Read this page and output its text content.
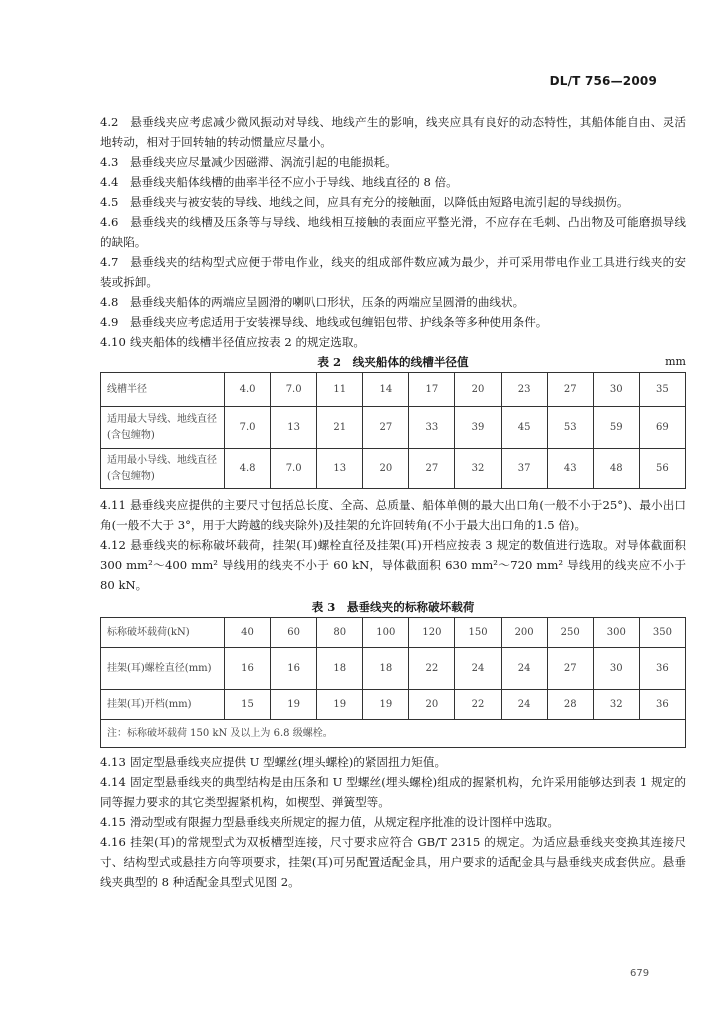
DL/T 756—2009

4.2 悬垂线夹应考虑减少微风振动对导线、地线产生的影响，线夹应具有良好的动态特性，其船体能自由、灵活地转动，相对于回转轴的转动惯量应尽量小。

4.3 悬垂线夹应尽量减少因磁滞、涡流引起的电能损耗。

4.4 悬垂线夹船体线槽的曲率半径不应小于导线、地线直径的 8 倍。

4.5 悬垂线夹与被安装的导线、地线之间，应具有充分的接触面，以降低由短路电流引起的导线损伤。

4.6 悬垂线夹的线槽及压条等与导线、地线相互接触的表面应平整光滑，不应存在毛刺、凸出物及可能磨损导线的缺陷。

4.7 悬垂线夹的结构型式应便于带电作业，线夹的组成部件数应减为最少，并可采用带电作业工具进行线夹的安装或拆卸。

4.8 悬垂线夹船体的两端应呈圆滑的喇叭口形状，压条的两端应呈圆滑的曲线状。

4.9 悬垂线夹应考虑适用于安装裸导线、地线或包缠铝包带、护线条等多种使用条件。

4.10 线夹船体的线槽半径值应按表 2 的规定选取。

表 2　线夹船体的线槽半径值	mm
线槽半径	4.0	7.0	11	14	17	20	23	27	30	35
适用最大导线、地线直径(含包缠物)	7.0	13	21	27	33	39	45	53	59	69
适用最小导线、地线直径(含包缠物)	4.8	7.0	13	20	27	32	37	43	48	56

4.11 悬垂线夹应提供的主要尺寸包括总长度、全高、总质量、船体单侧的最大出口角(一般不小于25°)、最小出口角(一般不大于 3°，用于大跨越的线夹除外)及挂架的允许回转角(不小于最大出口角的1.5 倍)。

4.12 悬垂线夹的标称破坏载荷，挂架(耳)螺栓直径及挂架(耳)开档应按表 3 规定的数值进行选取。对导体截面积 300 mm²～400 mm² 导线用的线夹不小于 60 kN，导体截面积 630 mm²～720 mm² 导线用的线夹应不小于 80 kN。

表 3　悬垂线夹的标称破坏载荷
标称破坏载荷(kN)	40	60	80	100	120	150	200	250	300	350
挂架(耳)螺栓直径(mm)	16	16	18	18	22	24	24	27	30	36
挂架(耳)开档(mm)	15	19	19	19	20	22	24	28	32	36
注：标称破坏载荷 150 kN 及以上为 6.8 级螺栓。										

4.13 固定型悬垂线夹应提供 U 型螺丝(埋头螺栓)的紧固扭力矩值。

4.14 固定型悬垂线夹的典型结构是由压条和 U 型螺丝(埋头螺栓)组成的握紧机构，允许采用能够达到表 1 规定的同等握力要求的其它类型握紧机构，如楔型、弹簧型等。

4.15 滑动型或有限握力型悬垂线夹所规定的握力值，从规定程序批准的设计图样中选取。

4.16 挂架(耳)的常规型式为双板槽型连接，尺寸要求应符合 GB/T 2315 的规定。为适应悬垂线夹变换其连接尺寸、结构型式或悬挂方向等项要求，挂架(耳)可另配置适配金具，用户要求的适配金具与悬垂线夹成套供应。悬垂线夹典型的 8 种适配金具型式见图 2。

679
